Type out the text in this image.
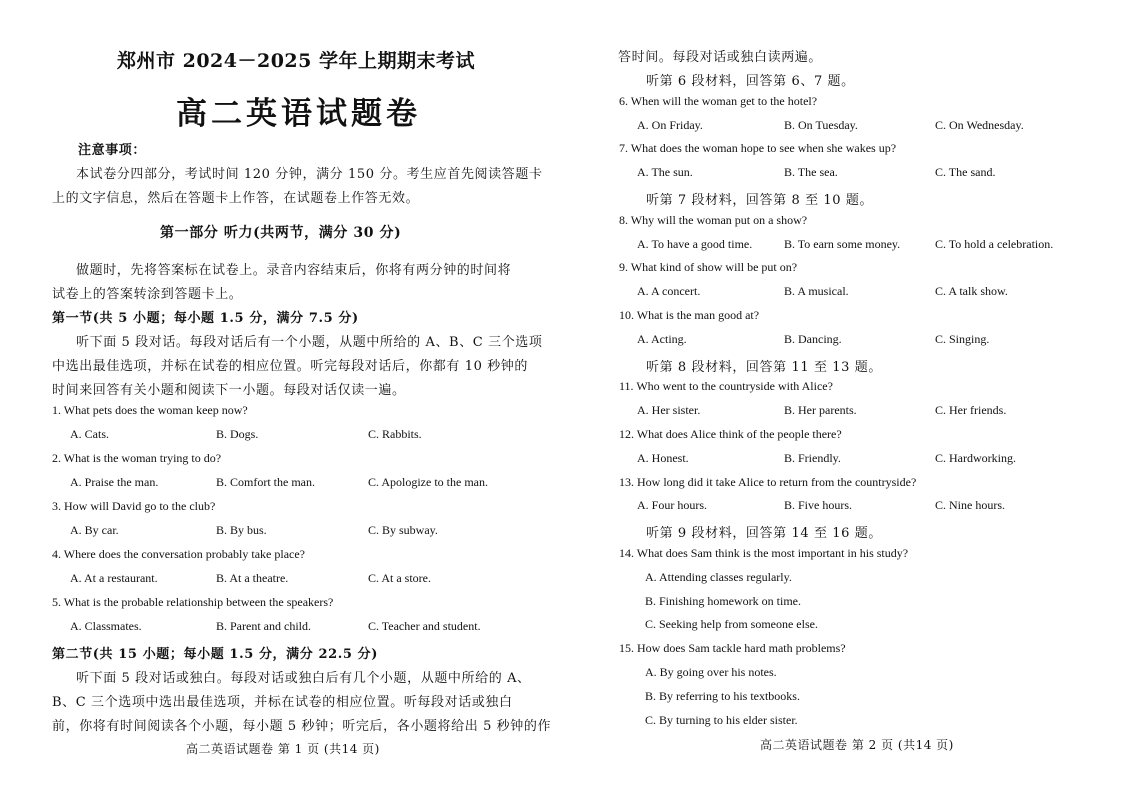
郑州市 2024－2025 学年上期期末考试
高二英语试题卷
注意事项：
本试卷分四部分，考试时间 120 分钟，满分 150 分。考生应首先阅读答题卡
上的文字信息，然后在答题卡上作答，在试题卷上作答无效。
第一部分 听力(共两节，满分 30 分)
做题时，先将答案标在试卷上。录音内容结束后，你将有两分钟的时间将
试卷上的答案转涂到答题卡上。
第一节(共 5 小题；每小题 1.5 分，满分 7.5 分)
听下面 5 段对话。每段对话后有一个小题，从题中所给的 A、B、C 三个选项
中选出最佳选项，并标在试卷的相应位置。听完每段对话后，你都有 10 秒钟的
时间来回答有关小题和阅读下一小题。每段对话仅读一遍。
1. What pets does the woman keep now?
A. Cats.	B. Dogs.	C. Rabbits.
2. What is the woman trying to do?
A. Praise the man.	B. Comfort the man.	C. Apologize to the man.
3. How will David go to the club?
A. By car.	B. By bus.	C. By subway.
4. Where does the conversation probably take place?
A. At a restaurant.	B. At a theatre.	C. At a store.
5. What is the probable relationship between the speakers?
A. Classmates.	B. Parent and child.	C. Teacher and student.
第二节(共 15 小题；每小题 1.5 分，满分 22.5 分)
听下面 5 段对话或独白。每段对话或独白后有几个小题，从题中所给的 A、
B、C 三个选项中选出最佳选项，并标在试卷的相应位置。听每段对话或独白
前，你将有时间阅读各个小题，每小题 5 秒钟；听完后，各小题将给出 5 秒钟的作
高二英语试题卷 第 1 页 (共14 页)
答时间。每段对话或独白读两遍。
听第 6 段材料，回答第 6、7 题。
6. When will the woman get to the hotel?
A. On Friday.	B. On Tuesday.	C. On Wednesday.
7. What does the woman hope to see when she wakes up?
A. The sun.	B. The sea.	C. The sand.
听第 7 段材料，回答第 8 至 10 题。
8. Why will the woman put on a show?
A. To have a good time.	B. To earn some money.	C. To hold a celebration.
9. What kind of show will be put on?
A. A concert.	B. A musical.	C. A talk show.
10. What is the man good at?
A. Acting.	B. Dancing.	C. Singing.
听第 8 段材料，回答第 11 至 13 题。
11. Who went to the countryside with Alice?
A. Her sister.	B. Her parents.	C. Her friends.
12. What does Alice think of the people there?
A. Honest.	B. Friendly.	C. Hardworking.
13. How long did it take Alice to return from the countryside?
A. Four hours.	B. Five hours.	C. Nine hours.
听第 9 段材料，回答第 14 至 16 题。
14. What does Sam think is the most important in his study?
A. Attending classes regularly.
B. Finishing homework on time.
C. Seeking help from someone else.
15. How does Sam tackle hard math problems?
A. By going over his notes.
B. By referring to his textbooks.
C. By turning to his elder sister.
高二英语试题卷 第 2 页 (共14 页)
